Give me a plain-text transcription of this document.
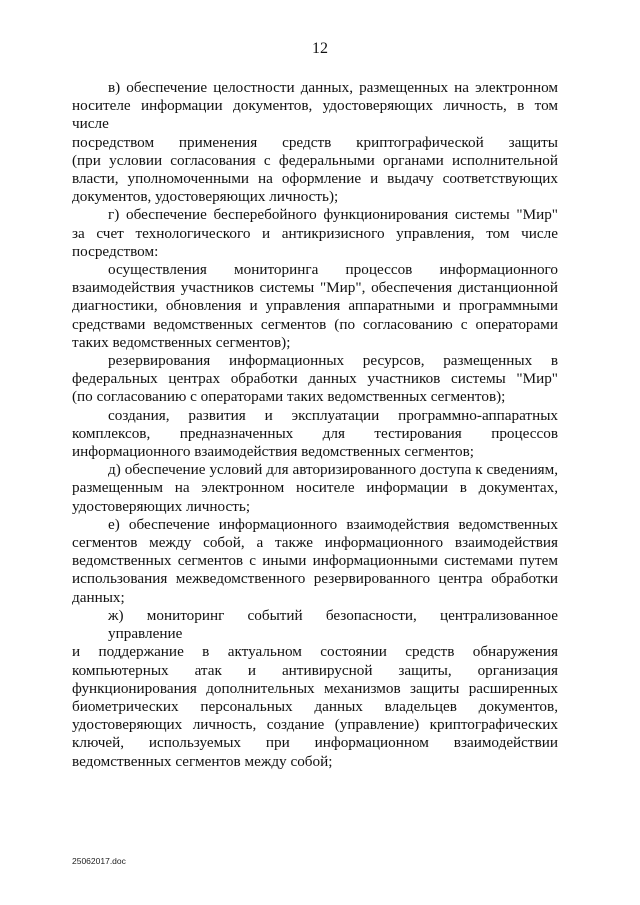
12
в) обеспечение целостности данных, размещенных на электронном
носителе информации документов, удостоверяющих личность, в том числе
посредством применения средств криптографической защиты
(при условии согласования с федеральными органами исполнительной
власти, уполномоченными на оформление и выдачу соответствующих
документов, удостоверяющих личность);
г) обеспечение бесперебойного функционирования системы "Мир"
за счет технологического и антикризисного управления, том числе
посредством:
осуществления мониторинга процессов информационного
взаимодействия участников системы "Мир", обеспечения дистанционной
диагностики, обновления и управления аппаратными и программными
средствами ведомственных сегментов (по согласованию с операторами
таких ведомственных сегментов);
резервирования информационных ресурсов, размещенных в
федеральных центрах обработки данных участников системы "Мир"
(по согласованию с операторами таких ведомственных сегментов);
создания, развития и эксплуатации программно-аппаратных
комплексов, предназначенных для тестирования процессов
информационного взаимодействия ведомственных сегментов;
д) обеспечение условий для авторизированного доступа к сведениям,
размещенным на электронном носителе информации в документах,
удостоверяющих личность;
е) обеспечение информационного взаимодействия ведомственных
сегментов между собой, а также информационного взаимодействия
ведомственных сегментов с иными информационными системами путем
использования межведомственного резервированного центра обработки
данных;
ж) мониторинг событий безопасности, централизованное управление
и поддержание в актуальном состоянии средств обнаружения
компьютерных атак и антивирусной защиты, организация
функционирования дополнительных механизмов защиты расширенных
биометрических персональных данных владельцев документов,
удостоверяющих личность, создание (управление) криптографических
ключей, используемых при информационном взаимодействии
ведомственных сегментов между собой;
25062017.doc
